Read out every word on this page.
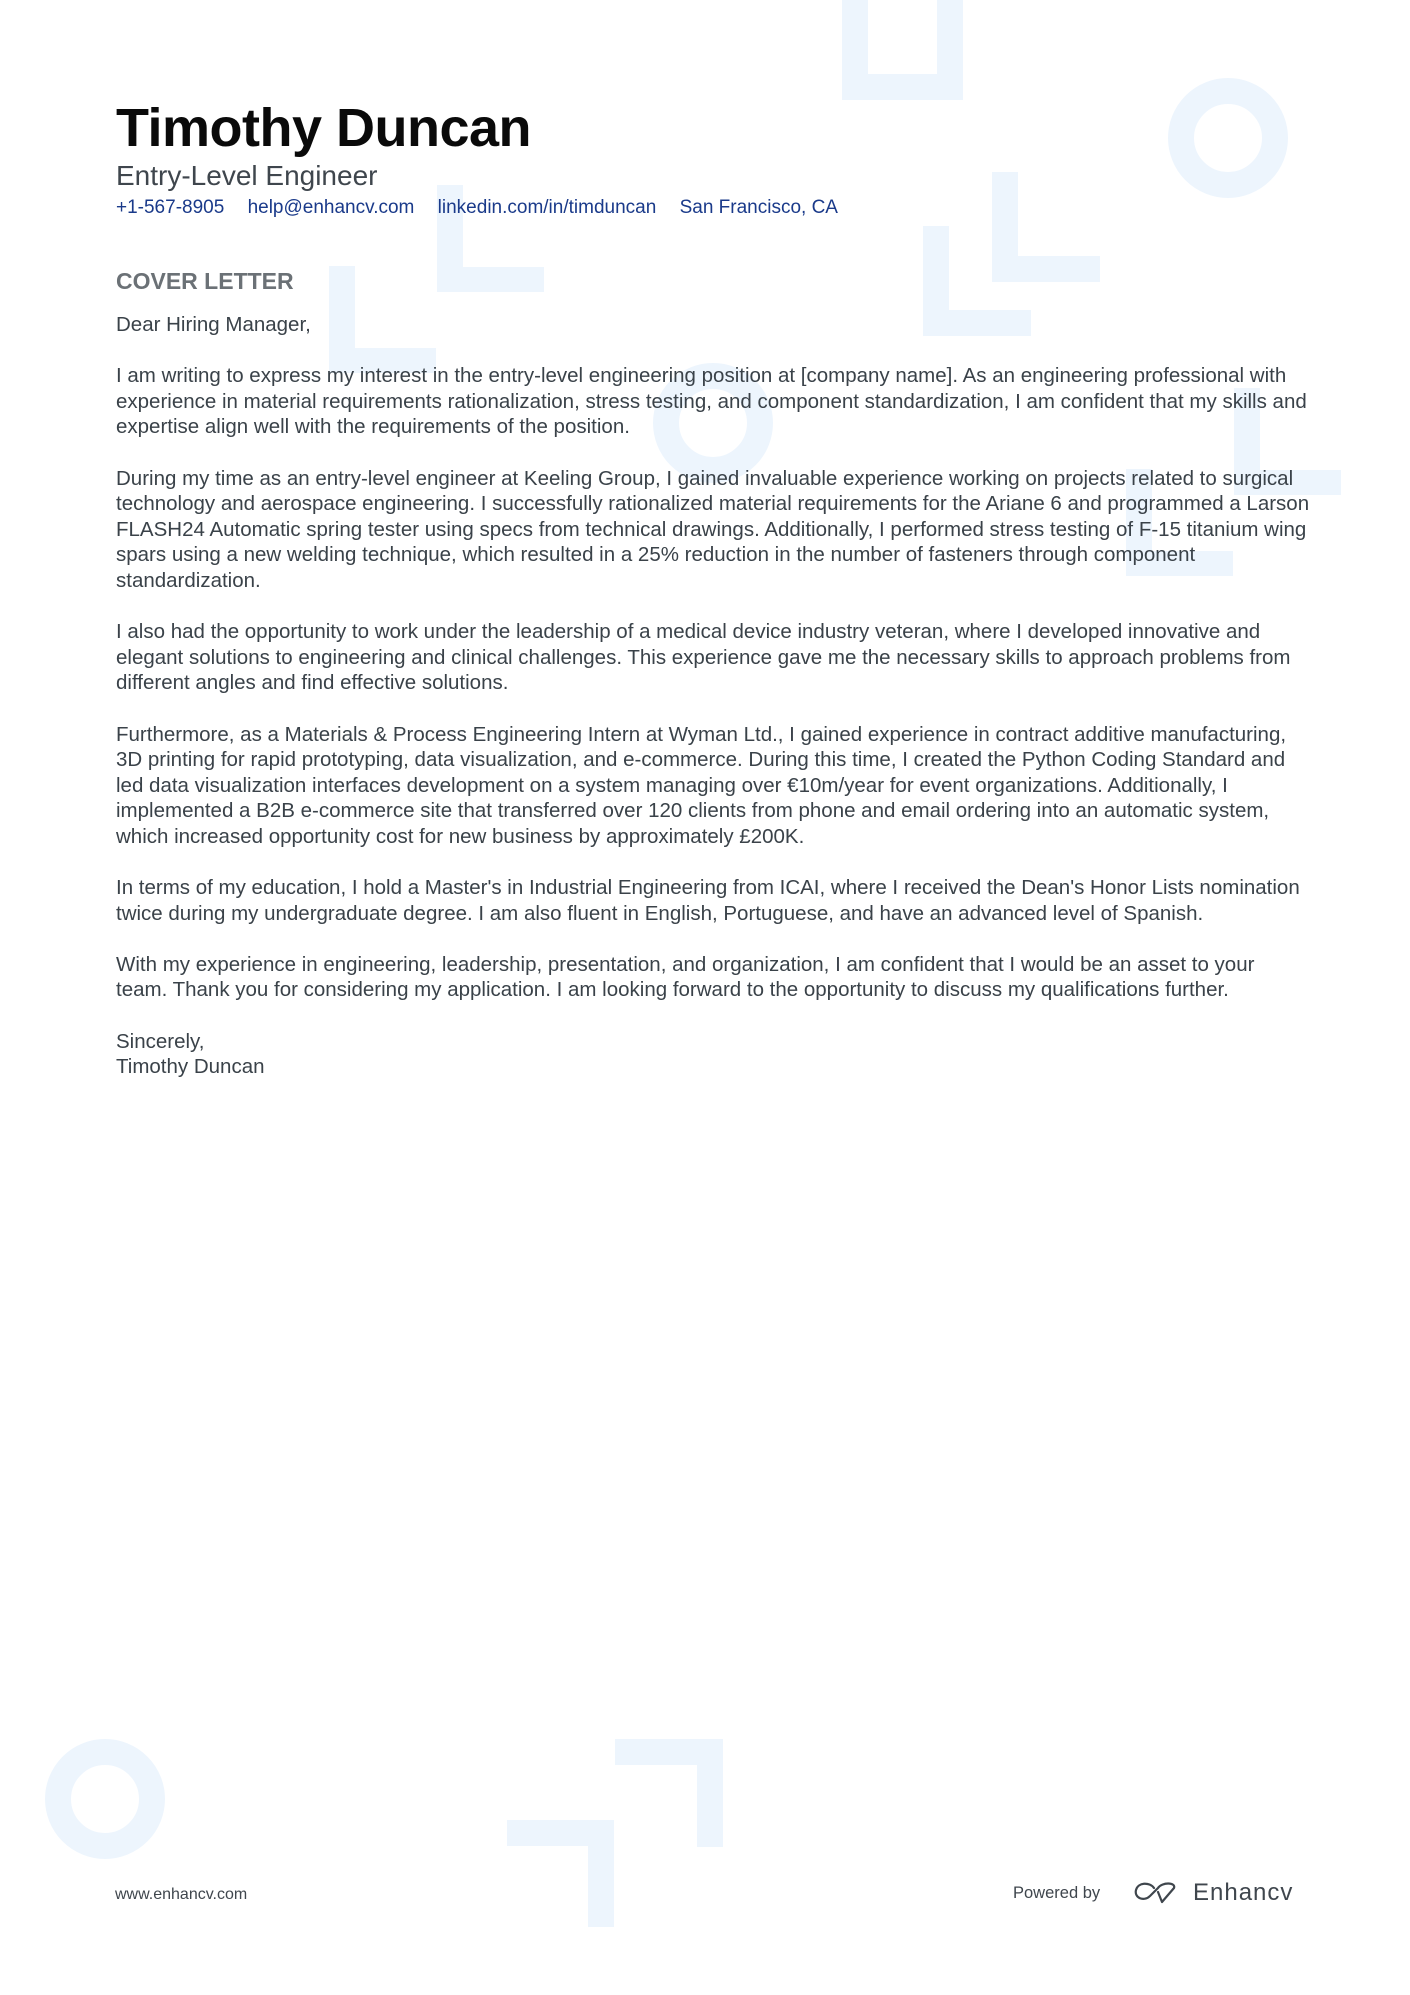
Timothy Duncan
Entry-Level Engineer
+1-567-8905 help@enhancv.com linkedin.com/in/timduncan San Francisco, CA
COVER LETTER

Dear Hiring Manager,

I am writing to express my interest in the entry-level engineering position at [company name]. As an engineering professional with experience in material requirements rationalization, stress testing, and component standardization, I am confident that my skills and expertise align well with the requirements of the position.

During my time as an entry-level engineer at Keeling Group, I gained invaluable experience working on projects related to surgical technology and aerospace engineering. I successfully rationalized material requirements for the Ariane 6 and programmed a Larson FLASH24 Automatic spring tester using specs from technical drawings. Additionally, I performed stress testing of F-15 titanium wing spars using a new welding technique, which resulted in a 25% reduction in the number of fasteners through component standardization.

I also had the opportunity to work under the leadership of a medical device industry veteran, where I developed innovative and elegant solutions to engineering and clinical challenges. This experience gave me the necessary skills to approach problems from different angles and find effective solutions.

Furthermore, as a Materials & Process Engineering Intern at Wyman Ltd., I gained experience in contract additive manufacturing, 3D printing for rapid prototyping, data visualization, and e-commerce. During this time, I created the Python Coding Standard and led data visualization interfaces development on a system managing over €10m/year for event organizations. Additionally, I implemented a B2B e-commerce site that transferred over 120 clients from phone and email ordering into an automatic system, which increased opportunity cost for new business by approximately £200K.

In terms of my education, I hold a Master's in Industrial Engineering from ICAI, where I received the Dean's Honor Lists nomination twice during my undergraduate degree. I am also fluent in English, Portuguese, and have an advanced level of Spanish.

With my experience in engineering, leadership, presentation, and organization, I am confident that I would be an asset to your team. Thank you for considering my application. I am looking forward to the opportunity to discuss my qualifications further.

Sincerely,
Timothy Duncan
www.enhancv.com	Powered by	Enhancv
